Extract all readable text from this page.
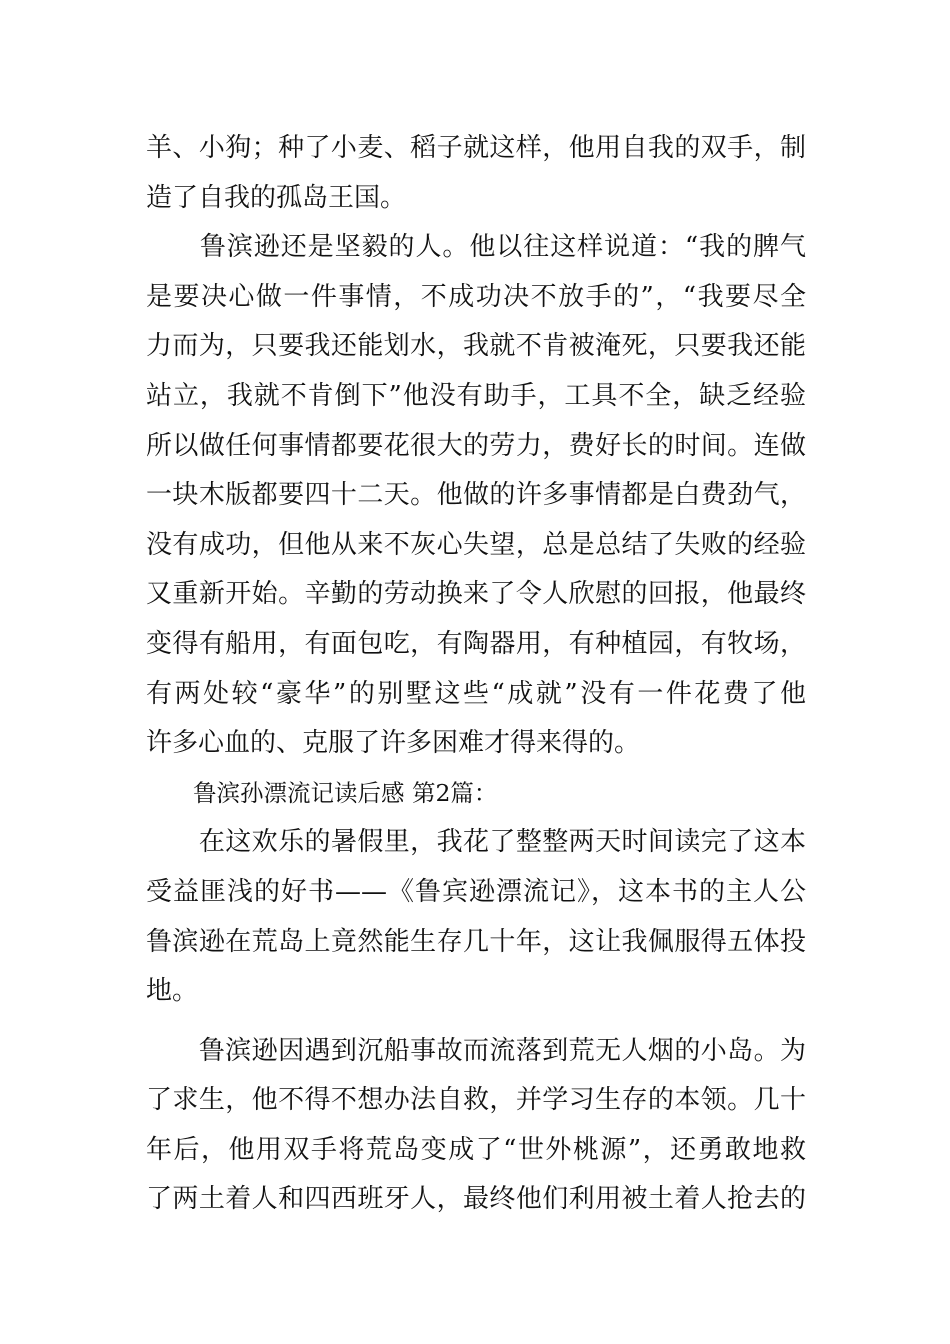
羊、小狗；种了小麦、稻子就这样，他用自我的双手，制
造了自我的孤岛王国。
　　鲁滨逊还是坚毅的人。他以往这样说道：“我的脾气
是要决心做一件事情，不成功决不放手的”，“我要尽全
力而为，只要我还能划水，我就不肯被淹死，只要我还能
站立，我就不肯倒下”他没有助手，工具不全，缺乏经验
所以做任何事情都要花很大的劳力，费好长的时间。连做
一块木版都要四十二天。他做的许多事情都是白费劲气，
没有成功，但他从来不灰心失望，总是总结了失败的经验
又重新开始。辛勤的劳动换来了令人欣慰的回报，他最终
变得有船用，有面包吃，有陶器用，有种植园，有牧场，
有两处较“豪华”的别墅这些“成就”没有一件花费了他
许多心血的、克服了许多困难才得来得的。
　　鲁滨孙漂流记读后感 第2篇：
　　在这欢乐的暑假里，我花了整整两天时间读完了这本
受益匪浅的好书——《鲁宾逊漂流记》，这本书的主人公
鲁滨逊在荒岛上竟然能生存几十年，这让我佩服得五体投
地。
　　鲁滨逊因遇到沉船事故而流落到荒无人烟的小岛。为
了求生，他不得不想办法自救，并学习生存的本领。几十
年后，他用双手将荒岛变成了“世外桃源”，还勇敢地救
了两土着人和四西班牙人，最终他们利用被土着人抢去的
